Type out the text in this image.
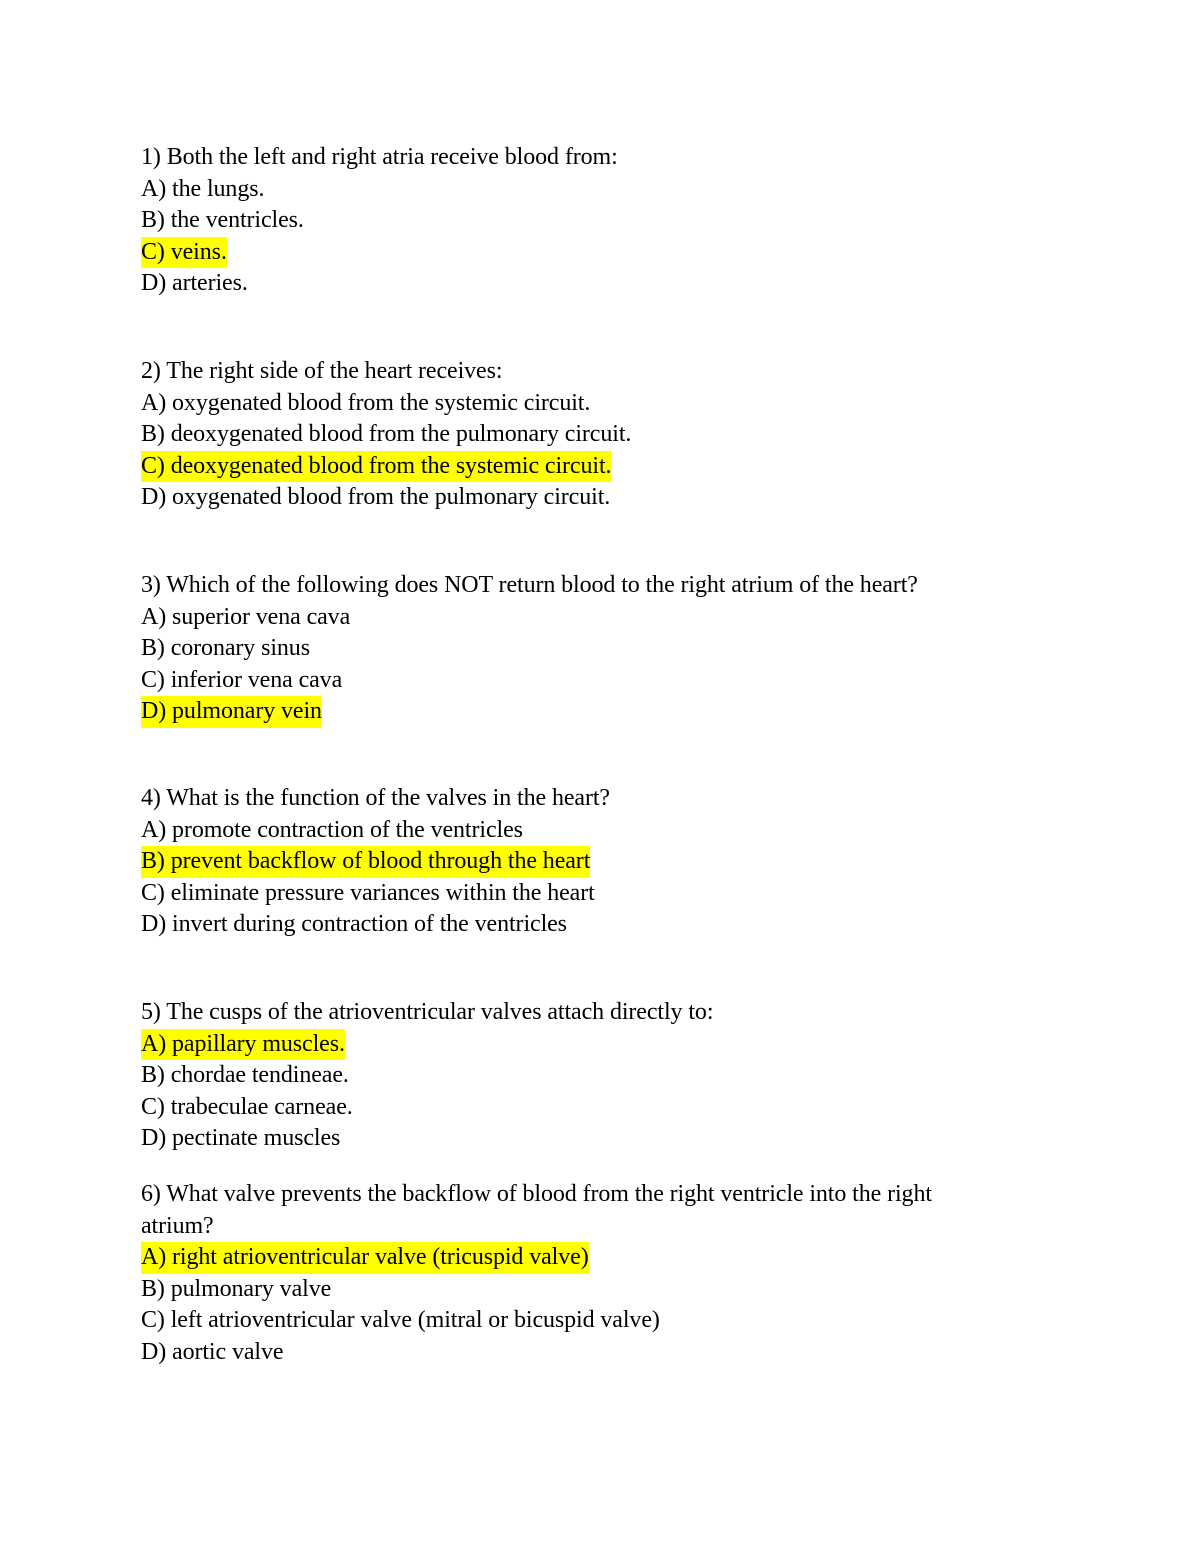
1) Both the left and right atria receive blood from:
A) the lungs.
B) the ventricles.
C) veins.
D) arteries.
2) The right side of the heart receives:
A) oxygenated blood from the systemic circuit.
B) deoxygenated blood from the pulmonary circuit.
C) deoxygenated blood from the systemic circuit.
D) oxygenated blood from the pulmonary circuit.
3) Which of the following does NOT return blood to the right atrium of the heart?
A) superior vena cava
B) coronary sinus
C) inferior vena cava
D) pulmonary vein
4) What is the function of the valves in the heart?
A) promote contraction of the ventricles
B) prevent backflow of blood through the heart
C) eliminate pressure variances within the heart
D) invert during contraction of the ventricles
5) The cusps of the atrioventricular valves attach directly to:
A) papillary muscles.
B) chordae tendineae.
C) trabeculae carneae.
D) pectinate muscles
6) What valve prevents the backflow of blood from the right ventricle into the right
atrium?
A) right atrioventricular valve (tricuspid valve)
B) pulmonary valve
C) left atrioventricular valve (mitral or bicuspid valve)
D) aortic valve
